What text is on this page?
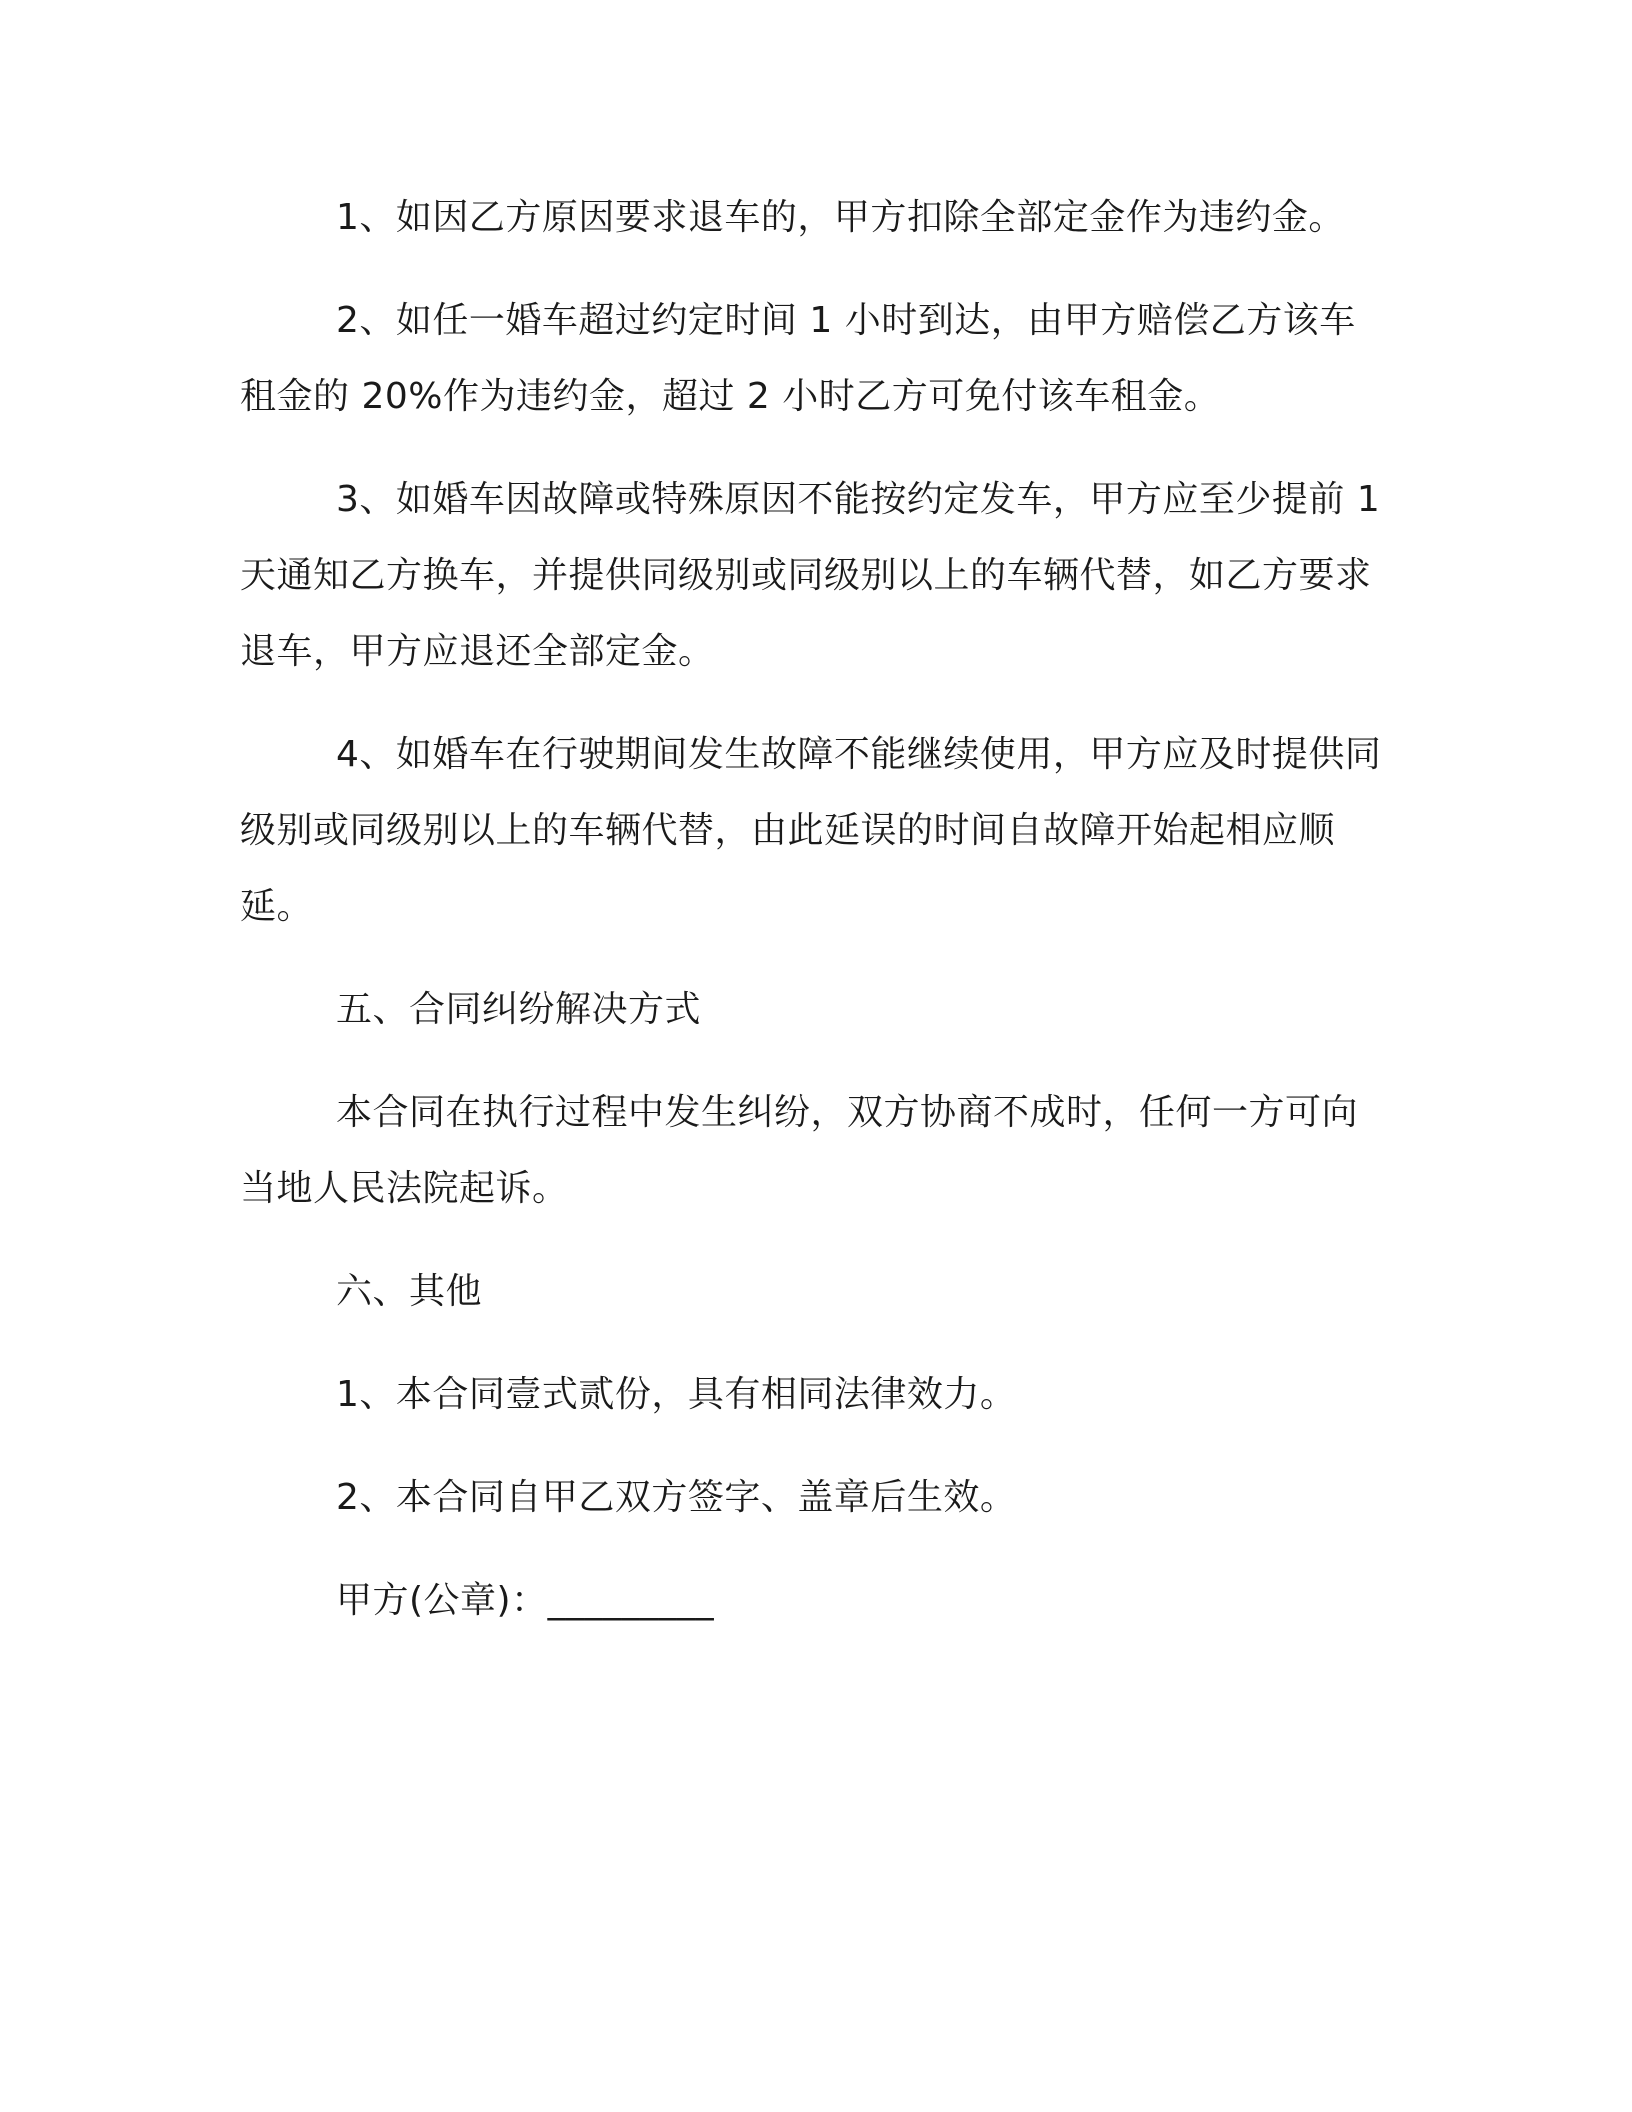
1、如因乙方原因要求退车的，甲方扣除全部定金作为违约金。

2、如任一婚车超过约定时间 1 小时到达，由甲方赔偿乙方该车租金的 20%作为违约金，超过 2 小时乙方可免付该车租金。

3、如婚车因故障或特殊原因不能按约定发车，甲方应至少提前 1 天通知乙方换车，并提供同级别或同级别以上的车辆代替，如乙方要求退车，甲方应退还全部定金。

4、如婚车在行驶期间发生故障不能继续使用，甲方应及时提供同级别或同级别以上的车辆代替，由此延误的时间自故障开始起相应顺延。

五、合同纠纷解决方式

本合同在执行过程中发生纠纷，双方协商不成时，任何一方可向当地人民法院起诉。

六、其他

1、本合同壹式贰份，具有相同法律效力。

2、本合同自甲乙双方签字、盖章后生效。

甲方(公章)：_________
